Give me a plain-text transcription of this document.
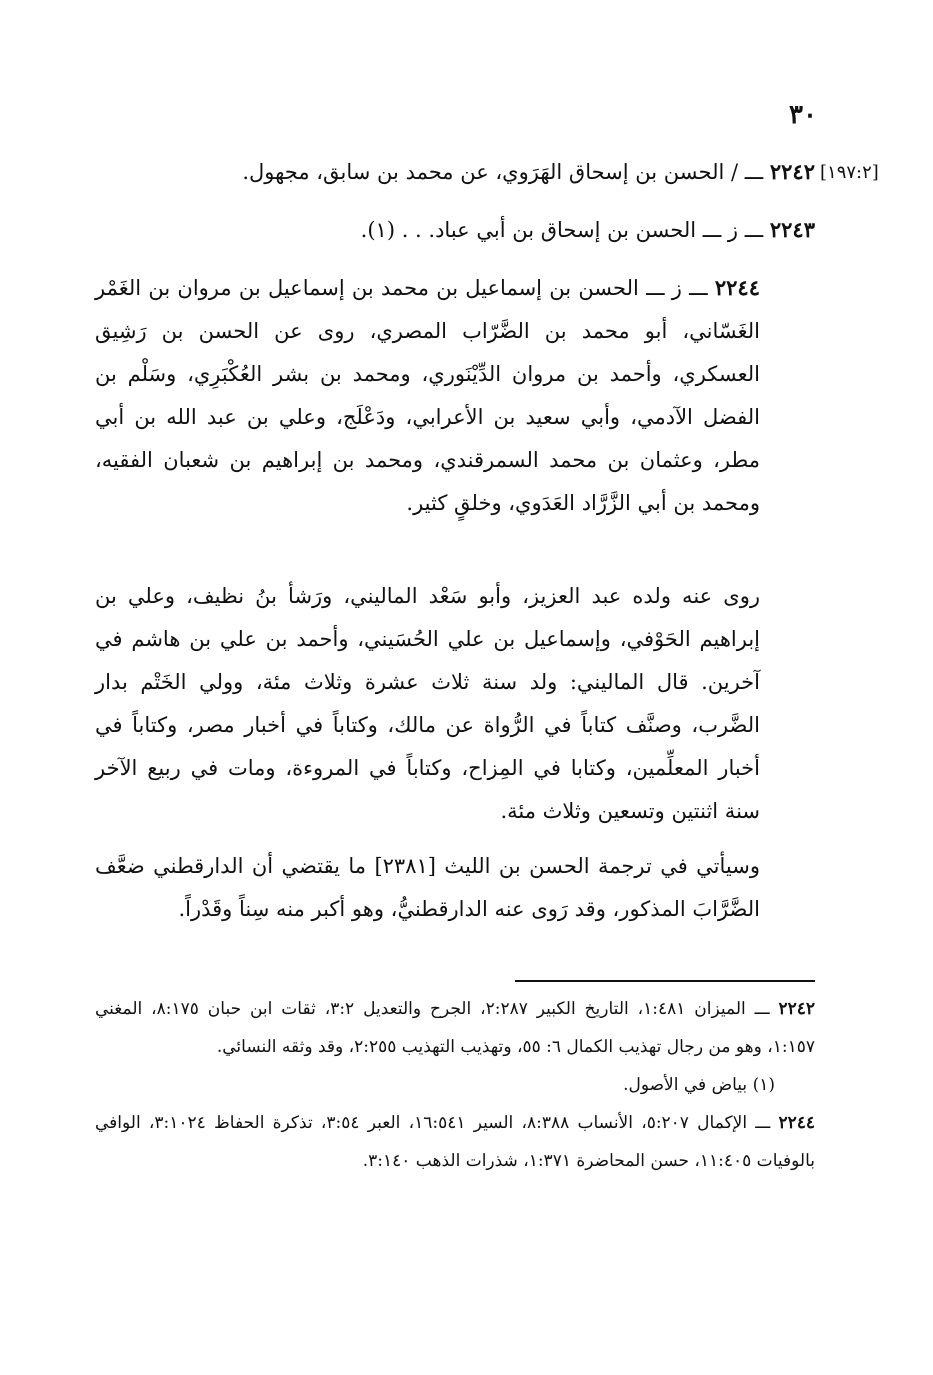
٣٠
[١٩٧:٢]

٢٢٤٢ ـــ / الحسن بن إسحاق الهَرَوي، عن محمد بن سابق، مجهول.

٢٢٤٣ ـــ ز ـــ الحسن بن إسحاق بن أبي عباد. . . (١).

٢٢٤٤ ـــ ز ـــ الحسن بن إسماعيل بن محمد بن إسماعيل بن مروان بن الغَمْر الغَسّاني، أبو محمد بن الضَّرّاب المصري، روى عن الحسن بن رَشِيق العسكري، وأحمد بن مروان الدِّيْنَوري، ومحمد بن بشر العُكْبَرِي، وسَلْم بن الفضل الآدمي، وأبي سعيد بن الأعرابي، ودَعْلَج، وعلي بن عبد الله بن أبي مطر، وعثمان بن محمد السمرقندي، ومحمد بن إبراهيم بن شعبان الفقيه، ومحمد بن أبي الزَّرَّاد العَدَوي، وخلقٍ كثير.

روى عنه ولده عبد العزيز، وأبو سَعْد الماليني، ورَشأ بنُ نظيف، وعلي بن إبراهيم الحَوْفي، وإسماعيل بن علي الحُسَيني، وأحمد بن علي بن هاشم في آخرين. قال الماليني: ولد سنة ثلاث عشرة وثلاث مئة، وولي الخَتْم بدار الضَّرب، وصنَّف كتاباً في الرُّواة عن مالك، وكتاباً في أخبار مصر، وكتاباً في أخبار المعلِّمين، وكتابا في المِزاح، وكتاباً في المروءة، ومات في ربيع الآخر سنة اثنتين وتسعين وثلاث مئة.

وسيأتي في ترجمة الحسن بن الليث [٢٣٨١] ما يقتضي أن الدارقطني ضعَّف الضَّرَّابَ المذكور، وقد رَوى عنه الدارقطنيُّ، وهو أكبر منه سِناً وقَدْراً.

٢٢٤٢ ـــ الميزان ١:٤٨١، التاريخ الكبير ٢:٢٨٧، الجرح والتعديل ٣:٢، ثقات ابن حبان ٨:١٧٥، المغني ١:١٥٧، وهو من رجال تهذيب الكمال ٦: ٥٥، وتهذيب التهذيب ٢:٢٥٥، وقد وثقه النسائي.

(١) بياض في الأصول.

٢٢٤٤ ـــ الإكمال ٥:٢٠٧، الأنساب ٨:٣٨٨، السير ١٦:٥٤١، العبر ٣:٥٤، تذكرة الحفاظ ٣:١٠٢٤، الوافي بالوفيات ١١:٤٠٥، حسن المحاضرة ١:٣٧١، شذرات الذهب ٣:١٤٠.
